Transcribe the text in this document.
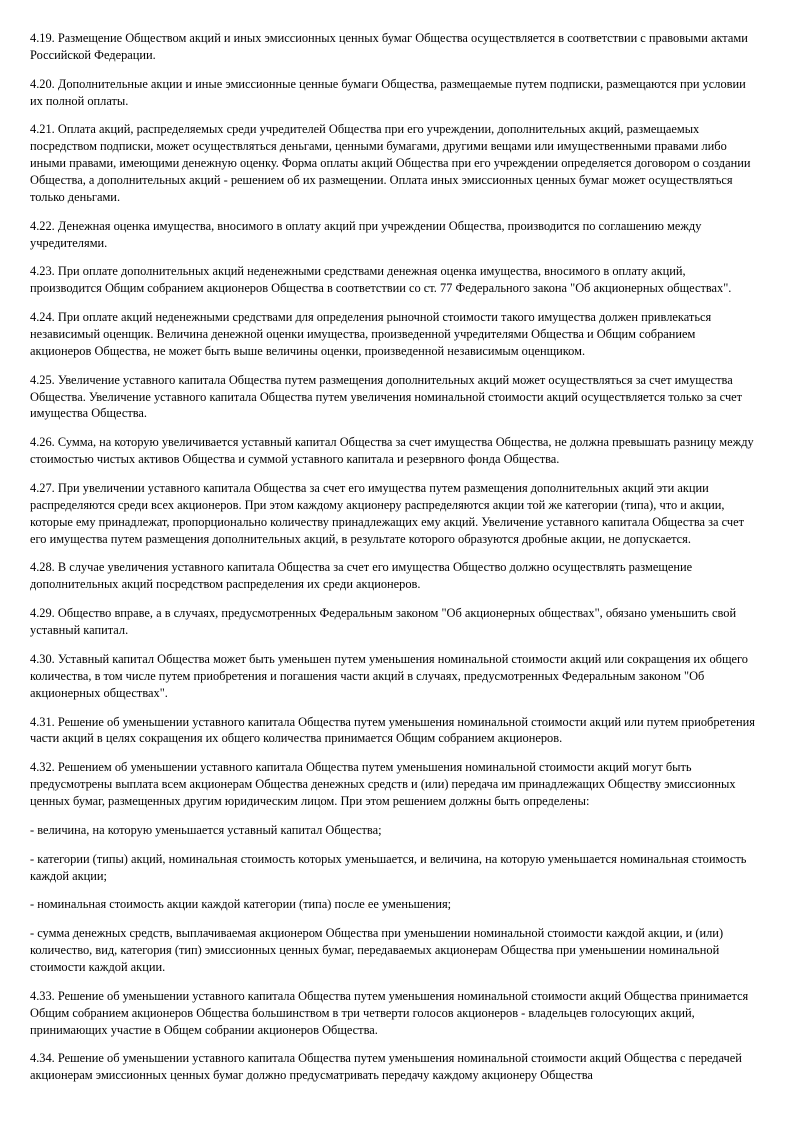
4.19. Размещение Обществом акций и иных эмиссионных ценных бумаг Общества осуществляется в соответствии с правовыми актами Российской Федерации.

4.20. Дополнительные акции и иные эмиссионные ценные бумаги Общества, размещаемые путем подписки, размещаются при условии их полной оплаты.

4.21. Оплата акций, распределяемых среди учредителей Общества при его учреждении, дополнительных акций, размещаемых посредством подписки, может осуществляться деньгами, ценными бумагами, другими вещами или имущественными правами либо иными правами, имеющими денежную оценку. Форма оплаты акций Общества при его учреждении определяется договором о создании Общества, а дополнительных акций - решением об их размещении. Оплата иных эмиссионных ценных бумаг может осуществляться только деньгами.

4.22. Денежная оценка имущества, вносимого в оплату акций при учреждении Общества, производится по соглашению между учредителями.

4.23. При оплате дополнительных акций неденежными средствами денежная оценка имущества, вносимого в оплату акций, производится Общим собранием акционеров Общества в соответствии со ст. 77 Федерального закона "Об акционерных обществах".

4.24. При оплате акций неденежными средствами для определения рыночной стоимости такого имущества должен привлекаться независимый оценщик. Величина денежной оценки имущества, произведенной учредителями Общества и Общим собранием акционеров Общества, не может быть выше величины оценки, произведенной независимым оценщиком.

4.25. Увеличение уставного капитала Общества путем размещения дополнительных акций может осуществляться за счет имущества Общества. Увеличение уставного капитала Общества путем увеличения номинальной стоимости акций осуществляется только за счет имущества Общества.

4.26. Сумма, на которую увеличивается уставный капитал Общества за счет имущества Общества, не должна превышать разницу между стоимостью чистых активов Общества и суммой уставного капитала и резервного фонда Общества.

4.27. При увеличении уставного капитала Общества за счет его имущества путем размещения дополнительных акций эти акции распределяются среди всех акционеров. При этом каждому акционеру распределяются акции той же категории (типа), что и акции, которые ему принадлежат, пропорционально количеству принадлежащих ему акций. Увеличение уставного капитала Общества за счет его имущества путем размещения дополнительных акций, в результате которого образуются дробные акции, не допускается.

4.28. В случае увеличения уставного капитала Общества за счет его имущества Общество должно осуществлять размещение дополнительных акций посредством распределения их среди акционеров.

4.29. Общество вправе, а в случаях, предусмотренных Федеральным законом "Об акционерных обществах", обязано уменьшить свой уставный капитал.

4.30. Уставный капитал Общества может быть уменьшен путем уменьшения номинальной стоимости акций или сокращения их общего количества, в том числе путем приобретения и погашения части акций в случаях, предусмотренных Федеральным законом "Об акционерных обществах".

4.31. Решение об уменьшении уставного капитала Общества путем уменьшения номинальной стоимости акций или путем приобретения части акций в целях сокращения их общего количества принимается Общим собранием акционеров.

4.32. Решением об уменьшении уставного капитала Общества путем уменьшения номинальной стоимости акций могут быть предусмотрены выплата всем акционерам Общества денежных средств и (или) передача им принадлежащих Обществу эмиссионных ценных бумаг, размещенных другим юридическим лицом. При этом решением должны быть определены:

- величина, на которую уменьшается уставный капитал Общества;

- категории (типы) акций, номинальная стоимость которых уменьшается, и величина, на которую уменьшается номинальная стоимость каждой акции;

- номинальная стоимость акции каждой категории (типа) после ее уменьшения;

- сумма денежных средств, выплачиваемая акционером Общества при уменьшении номинальной стоимости каждой акции, и (или) количество, вид, категория (тип) эмиссионных ценных бумаг, передаваемых акционерам Общества при уменьшении номинальной стоимости каждой акции.

4.33. Решение об уменьшении уставного капитала Общества путем уменьшения номинальной стоимости акций Общества принимается Общим собранием акционеров Общества большинством в три четверти голосов акционеров - владельцев голосующих акций, принимающих участие в Общем собрании акционеров Общества.

4.34. Решение об уменьшении уставного капитала Общества путем уменьшения номинальной стоимости акций Общества с передачей акционерам эмиссионных ценных бумаг должно предусматривать передачу каждому акционеру Общества
